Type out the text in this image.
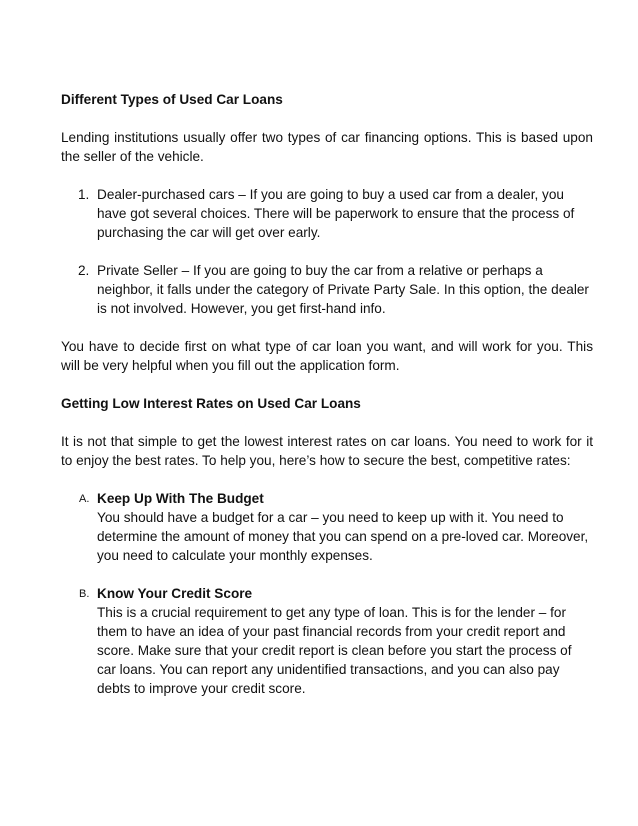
Different Types of Used Car Loans

Lending institutions usually offer two types of car financing options. This is based upon the seller of the vehicle.

1. Dealer-purchased cars – If you are going to buy a used car from a dealer, you have got several choices. There will be paperwork to ensure that the process of purchasing the car will get over early.
2. Private Seller – If you are going to buy the car from a relative or perhaps a neighbor, it falls under the category of Private Party Sale. In this option, the dealer is not involved. However, you get first-hand info.

You have to decide first on what type of car loan you want, and will work for you. This will be very helpful when you fill out the application form.

Getting Low Interest Rates on Used Car Loans

It is not that simple to get the lowest interest rates on car loans. You need to work for it to enjoy the best rates. To help you, here’s how to secure the best, competitive rates:

A. Keep Up With The Budget
You should have a budget for a car – you need to keep up with it. You need to determine the amount of money that you can spend on a pre-loved car. Moreover, you need to calculate your monthly expenses.
B. Know Your Credit Score
This is a crucial requirement to get any type of loan. This is for the lender – for them to have an idea of your past financial records from your credit report and score. Make sure that your credit report is clean before you start the process of car loans. You can report any unidentified transactions, and you can also pay debts to improve your credit score.
